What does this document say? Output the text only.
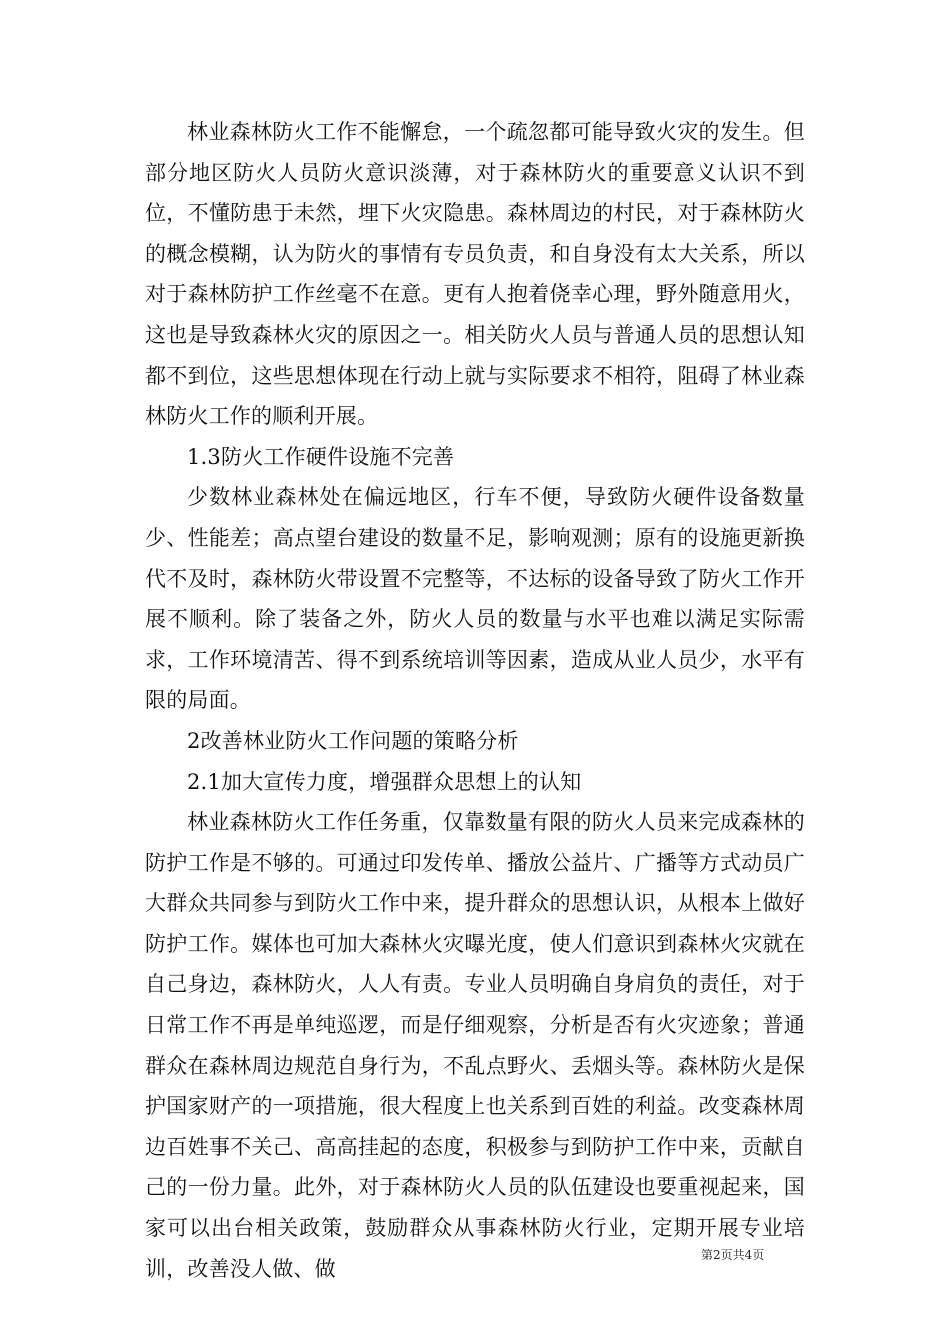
林业森林防火工作不能懈怠，一个疏忽都可能导致火灾的发生。但部分地区防火人员防火意识淡薄，对于森林防火的重要意义认识不到位，不懂防患于未然，埋下火灾隐患。森林周边的村民，对于森林防火的概念模糊，认为防火的事情有专员负责，和自身没有太大关系，所以对于森林防护工作丝毫不在意。更有人抱着侥幸心理，野外随意用火，这也是导致森林火灾的原因之一。相关防火人员与普通人员的思想认知都不到位，这些思想体现在行动上就与实际要求不相符，阻碍了林业森林防火工作的顺利开展。

1.3防火工作硬件设施不完善

少数林业森林处在偏远地区，行车不便，导致防火硬件设备数量少、性能差；高点望台建设的数量不足，影响观测；原有的设施更新换代不及时，森林防火带设置不完整等，不达标的设备导致了防火工作开展不顺利。除了装备之外，防火人员的数量与水平也难以满足实际需求，工作环境清苦、得不到系统培训等因素，造成从业人员少，水平有限的局面。

2改善林业防火工作问题的策略分析

2.1加大宣传力度，增强群众思想上的认知

林业森林防火工作任务重，仅靠数量有限的防火人员来完成森林的防护工作是不够的。可通过印发传单、播放公益片、广播等方式动员广大群众共同参与到防火工作中来，提升群众的思想认识，从根本上做好防护工作。媒体也可加大森林火灾曝光度，使人们意识到森林火灾就在自己身边，森林防火，人人有责。专业人员明确自身肩负的责任，对于日常工作不再是单纯巡逻，而是仔细观察，分析是否有火灾迹象；普通群众在森林周边规范自身行为，不乱点野火、丢烟头等。森林防火是保护国家财产的一项措施，很大程度上也关系到百姓的利益。改变森林周边百姓事不关己、高高挂起的态度，积极参与到防护工作中来，贡献自己的一份力量。此外，对于森林防火人员的队伍建设也要重视起来，国家可以出台相关政策，鼓励群众从事森林防火行业，定期开展专业培训，改善没人做、做

第2页共4页
